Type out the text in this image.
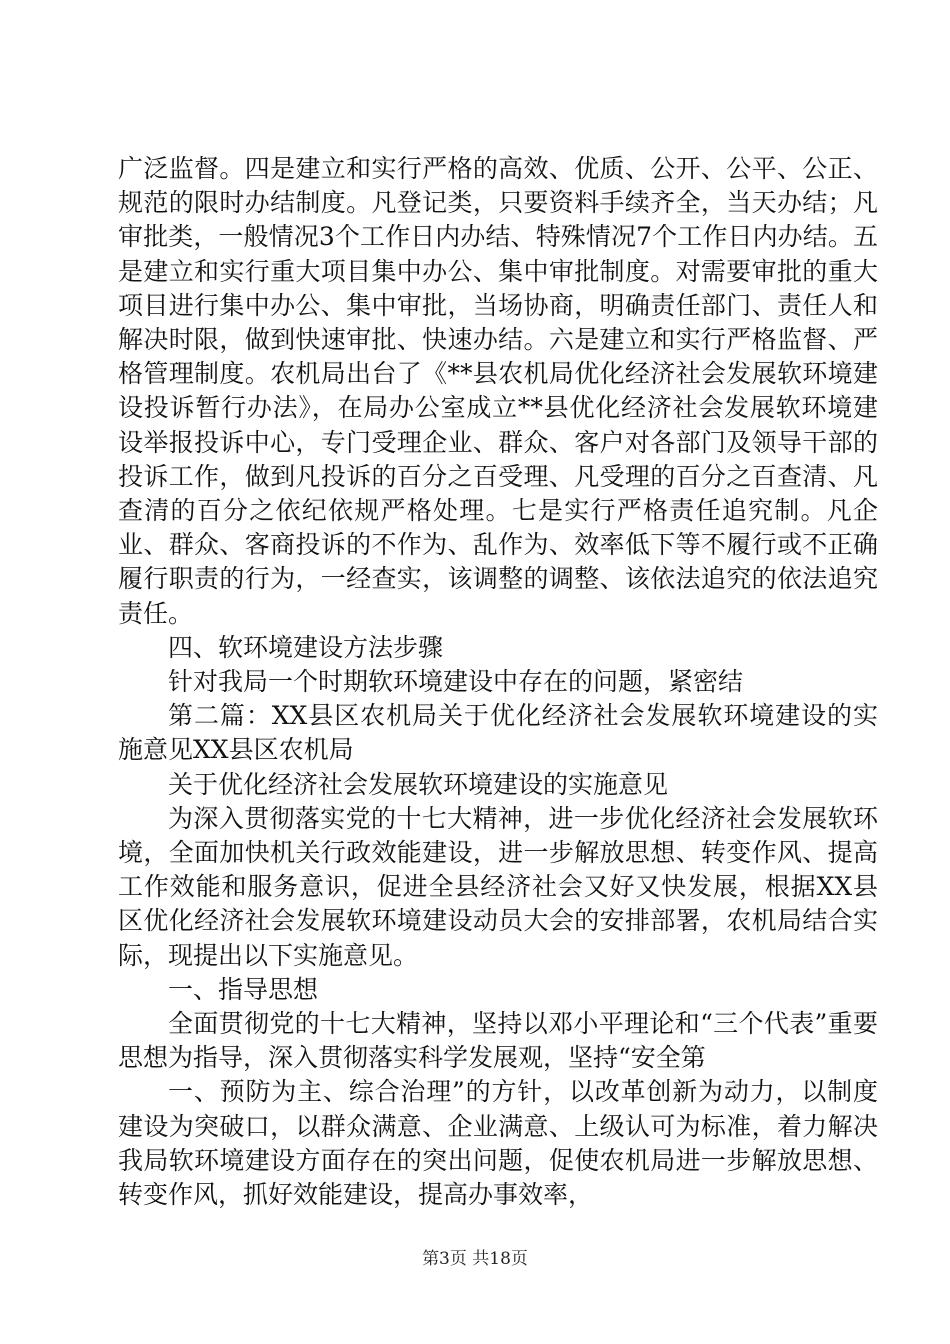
广泛监督。四是建立和实行严格的高效、优质、公开、公平、公正、规范的限时办结制度。凡登记类，只要资料手续齐全，当天办结；凡审批类，一般情况3个工作日内办结、特殊情况7个工作日内办结。五是建立和实行重大项目集中办公、集中审批制度。对需要审批的重大项目进行集中办公、集中审批，当场协商，明确责任部门、责任人和解决时限，做到快速审批、快速办结。六是建立和实行严格监督、严格管理制度。农机局出台了《**县农机局优化经济社会发展软环境建设投诉暂行办法》，在局办公室成立**县优化经济社会发展软环境建设举报投诉中心，专门受理企业、群众、客户对各部门及领导干部的投诉工作，做到凡投诉的百分之百受理、凡受理的百分之百查清、凡查清的百分之依纪依规严格处理。七是实行严格责任追究制。凡企业、群众、客商投诉的不作为、乱作为、效率低下等不履行或不正确履行职责的行为，一经查实，该调整的调整、该依法追究的依法追究责任。

四、软环境建设方法步骤

针对我局一个时期软环境建设中存在的问题，紧密结

第二篇：XX县区农机局关于优化经济社会发展软环境建设的实施意见XX县区农机局

关于优化经济社会发展软环境建设的实施意见

为深入贯彻落实党的十七大精神，进一步优化经济社会发展软环境，全面加快机关行政效能建设，进一步解放思想、转变作风、提高工作效能和服务意识，促进全县经济社会又好又快发展，根据XX县区优化经济社会发展软环境建设动员大会的安排部署，农机局结合实际，现提出以下实施意见。

一、指导思想

全面贯彻党的十七大精神，坚持以邓小平理论和“三个代表”重要思想为指导，深入贯彻落实科学发展观，坚持“安全第

一、预防为主、综合治理”的方针，以改革创新为动力，以制度建设为突破口，以群众满意、企业满意、上级认可为标准，着力解决我局软环境建设方面存在的突出问题，促使农机局进一步解放思想、转变作风，抓好效能建设，提高办事效率，

第3页 共18页
